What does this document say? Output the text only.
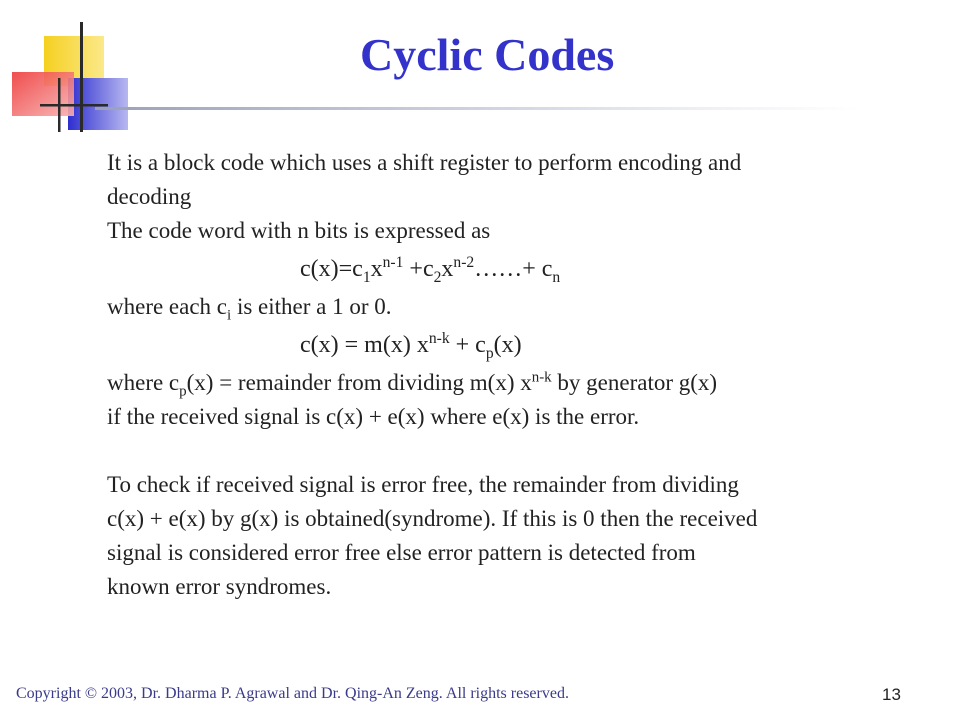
Cyclic Codes

It is a block code which uses a shift register to perform encoding and

decoding

The code word with n bits is expressed as

$c(x)=c_1x^{n-1}$ $+c_2x^{n-2}\dots\dots+ c_n$

where each $c_i$ is either a 1 or 0.

c(x) = m(x) $x^{n-k} + c_p(x)$

where $c_p(x)$ = remainder from dividing m(x) $x^{n-k}$ by generator g(x)

if the received signal is c(x) + e(x) where e(x) is the error.

To check if received signal is error free, the remainder from dividing

c(x) + e(x) by g(x) is obtained(syndrome). If this is 0 then the received

signal is considered error free else error pattern is detected from

known error syndromes.

Copyright © 2003, Dr. Dharma P. Agrawal and Dr. Qing-An Zeng. All rights reserved.	13
